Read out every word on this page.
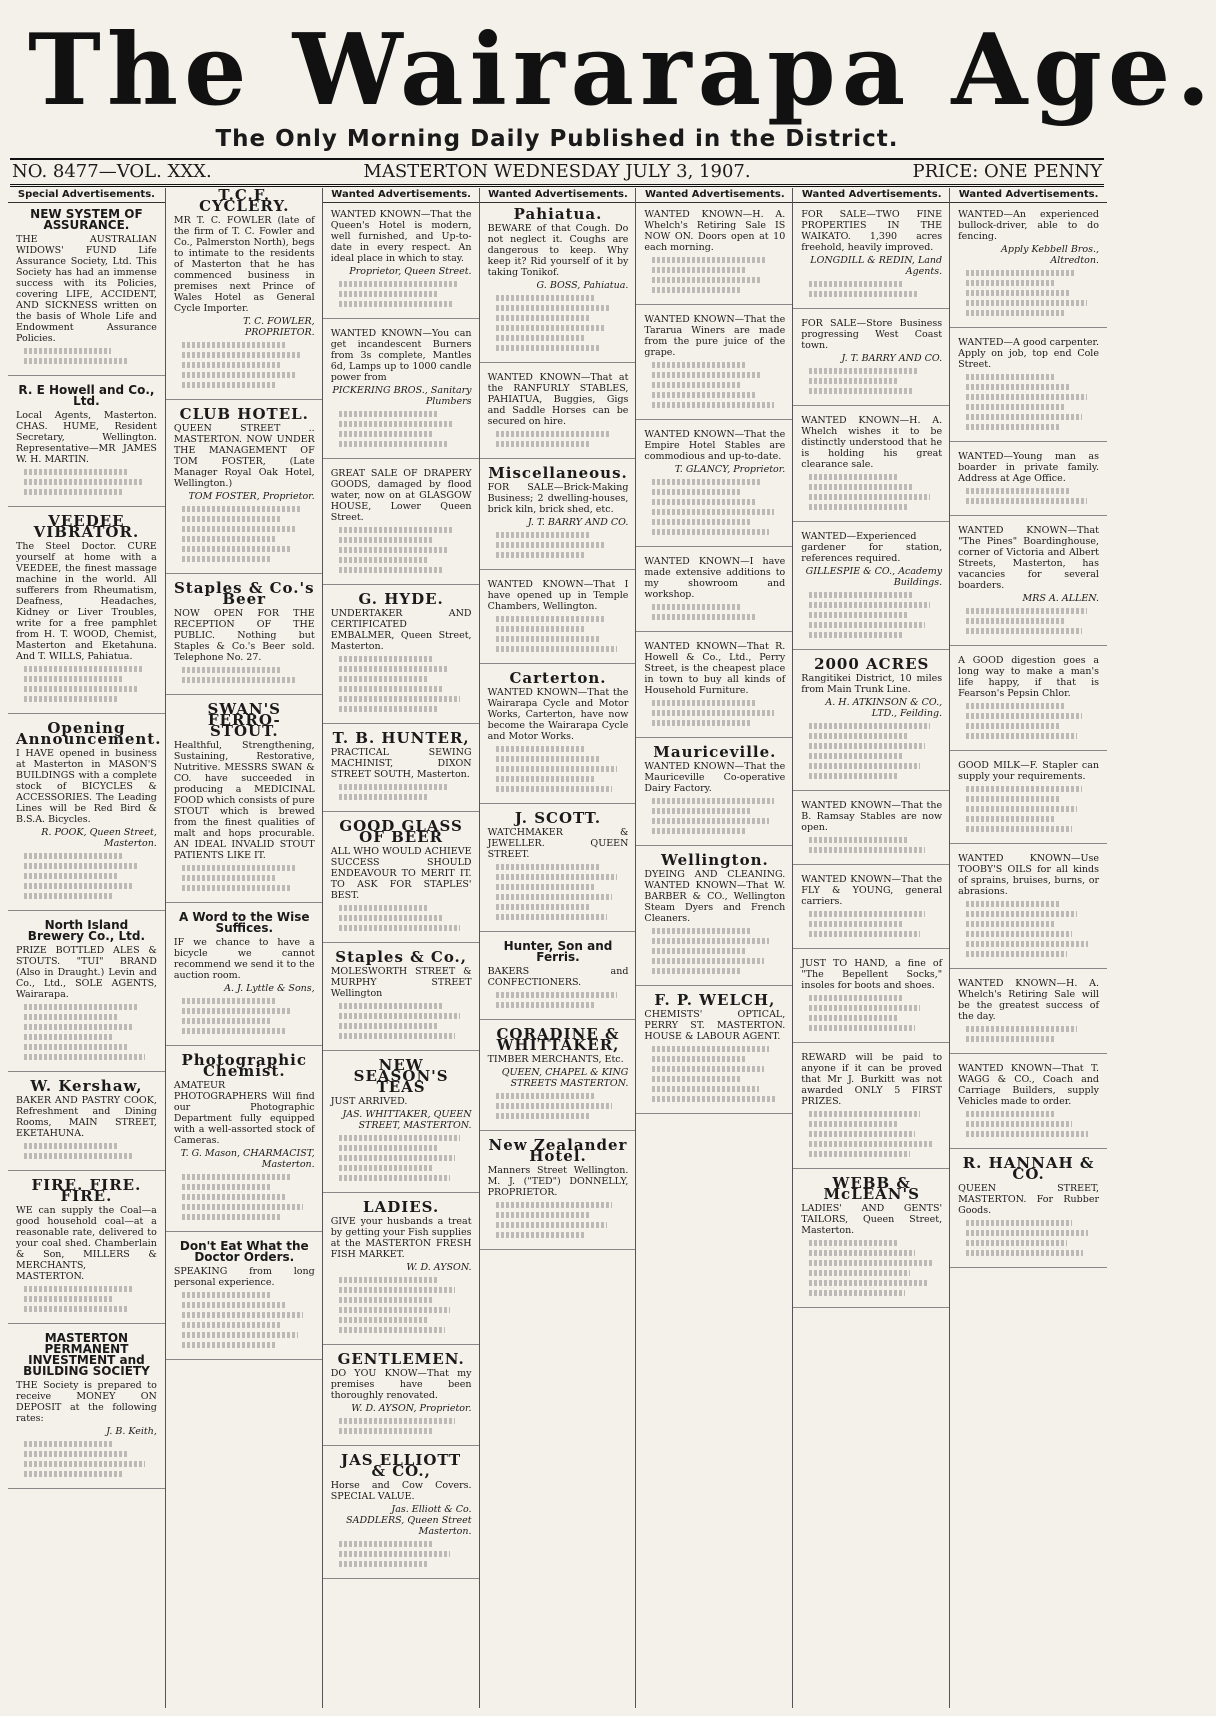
The Wairarapa Age.
The Only Morning Daily Published in the District.
MASTERTON WEDNESDAY JULY 3, 1907.
NO. 8477—VOL. XXX.	PRICE: ONE PENNY
Special Advertisements.
NEW SYSTEM OF ASSURANCE.

THE AUSTRALIAN WIDOWS' FUND Life Assurance Society, Ltd. This Society has had an immense success with its Policies, covering LIFE, ACCIDENT, AND SICKNESS written on the basis of Whole Life and Endowment Assurance Policies.

R. E Howell and Co., Ltd.

Local Agents, Masterton. CHAS. HUME, Resident Secretary, Wellington. Representative—MR JAMES W. H. MARTIN.

VEEDEE VIBRATOR.

The Steel Doctor. CURE yourself at home with a VEEDEE, the finest massage machine in the world. All sufferers from Rheumatism, Deafness, Headaches, Kidney or Liver Troubles, write for a free pamphlet from H. T. WOOD, Chemist, Masterton and Eketahuna. And T. WILLS, Pahiatua.

Opening Announcement.

I HAVE opened in business at Masterton in MASON'S BUILDINGS with a complete stock of BICYCLES & ACCESSORIES. The Leading Lines will be Red Bird & B.S.A. Bicycles.

R. POOK, Queen Street, Masterton.

North Island Brewery Co., Ltd.

PRIZE BOTTLED ALES & STOUTS. "TUI" BRAND (Also in Draught.) Levin and Co., Ltd., SOLE AGENTS, Wairarapa.

W. Kershaw,

BAKER AND PASTRY COOK, Refreshment and Dining Rooms, MAIN STREET, EKETAHUNA.

FIRE. FIRE. FIRE.

WE can supply the Coal—a good household coal—at a reasonable rate, delivered to your coal shed. Chamberlain & Son, MILLERS & MERCHANTS, MASTERTON.

MASTERTON PERMANENT INVESTMENT and BUILDING SOCIETY

THE Society is prepared to receive MONEY ON DEPOSIT at the following rates:

J. B. Keith,

T.C.F. CYCLERY.

MR T. C. FOWLER (late of the firm of T. C. Fowler and Co., Palmerston North), begs to intimate to the residents of Masterton that he has commenced business in premises next Prince of Wales Hotel as General Cycle Importer.

T. C. FOWLER, PROPRIETOR.

CLUB HOTEL.

QUEEN STREET .. MASTERTON. NOW UNDER THE MANAGEMENT OF TOM FOSTER, (Late Manager Royal Oak Hotel, Wellington.)

TOM FOSTER, Proprietor.

Staples & Co.'s Beer

NOW OPEN FOR THE RECEPTION OF THE PUBLIC. Nothing but Staples & Co.'s Beer sold. Telephone No. 27.

SWAN'S FERRO-STOUT.

Healthful, Strengthening, Sustaining, Restorative, Nutritive. MESSRS SWAN & CO. have succeeded in producing a MEDICINAL FOOD which consists of pure STOUT which is brewed from the finest qualities of malt and hops procurable. AN IDEAL INVALID STOUT PATIENTS LIKE IT.

A Word to the Wise Suffices.

IF we chance to have a bicycle we cannot recommend we send it to the auction room.

A. J. Lyttle & Sons,

Photographic Chemist.

AMATEUR PHOTOGRAPHERS Will find our Photographic Department fully equipped with a well-assorted stock of Cameras.

T. G. Mason, CHARMACIST, Masterton.

Don't Eat What the Doctor Orders.

SPEAKING from long personal experience.

Wanted Advertisements.

WANTED KNOWN—That the Queen's Hotel is modern, well furnished, and Up-to-date in every respect. An ideal place in which to stay.

Proprietor, Queen Street.

WANTED KNOWN—You can get incandescent Burners from 3s complete, Mantles 6d, Lamps up to 1000 candle power from

PICKERING BROS., Sanitary Plumbers

GREAT SALE OF DRAPERY GOODS, damaged by flood water, now on at GLASGOW HOUSE, Lower Queen Street.

G. HYDE.

UNDERTAKER AND CERTIFICATED EMBALMER, Queen Street, Masterton.

T. B. HUNTER,

PRACTICAL SEWING MACHINIST, DIXON STREET SOUTH, Masterton.

GOOD GLASS OF BEER

ALL WHO WOULD ACHIEVE SUCCESS SHOULD ENDEAVOUR TO MERIT IT. TO ASK FOR STAPLES' BEST.

Staples & Co.,

MOLESWORTH STREET & MURPHY STREET Wellington

NEW SEASON'S TEAS

JUST ARRIVED.

JAS. WHITTAKER, QUEEN STREET, MASTERTON.

LADIES.

GIVE your husbands a treat by getting your Fish supplies at the MASTERTON FRESH FISH MARKET.

W. D. AYSON.

GENTLEMEN.

DO YOU KNOW—That my premises have been thoroughly renovated.

W. D. AYSON, Proprietor.

JAS ELLIOTT & CO.,

Horse and Cow Covers. SPECIAL VALUE.

Jas. Elliott & Co. SADDLERS, Queen Street Masterton.

Wanted Advertisements.
Pahiatua.

BEWARE of that Cough. Do not neglect it. Coughs are dangerous to keep. Why keep it? Rid yourself of it by taking Tonikof.

G. BOSS, Pahiatua.

WANTED KNOWN—That at the RANFURLY STABLES, PAHIATUA, Buggies, Gigs and Saddle Horses can be secured on hire.

Miscellaneous.

FOR SALE—Brick-Making Business; 2 dwelling-houses, brick kiln, brick shed, etc.

J. T. BARRY AND CO.

WANTED KNOWN—That I have opened up in Temple Chambers, Wellington.

Carterton.

WANTED KNOWN—That the Wairarapa Cycle and Motor Works, Carterton, have now become the Wairarapa Cycle and Motor Works.

J. SCOTT.

WATCHMAKER & JEWELLER. QUEEN STREET.

Hunter, Son and Ferris.

BAKERS and CONFECTIONERS.

CORADINE & WHITTAKER,

TIMBER MERCHANTS, Etc.

QUEEN, CHAPEL & KING STREETS MASTERTON.

New Zealander Hotel.

Manners Street Wellington. M. J. ("TED") DONNELLY, PROPRIETOR.

Wanted Advertisements.

WANTED KNOWN—H. A. Whelch's Retiring Sale IS NOW ON. Doors open at 10 each morning.

WANTED KNOWN—That the Tararua Winers are made from the pure juice of the grape.

WANTED KNOWN—That the Empire Hotel Stables are commodious and up-to-date.

T. GLANCY, Proprietor.

WANTED KNOWN—I have made extensive additions to my showroom and workshop.

WANTED KNOWN—That R. Howell & Co., Ltd., Perry Street, is the cheapest place in town to buy all kinds of Household Furniture.

Mauriceville.

WANTED KNOWN—That the Mauriceville Co-operative Dairy Factory.

Wellington.

DYEING AND CLEANING. WANTED KNOWN—That W. BARBER & CO., Wellington Steam Dyers and French Cleaners.

F. P. WELCH,

CHEMISTS' OPTICAL, PERRY ST. MASTERTON. HOUSE & LABOUR AGENT.

Wanted Advertisements.

FOR SALE—TWO FINE PROPERTIES IN THE WAIKATO. 1,390 acres freehold, heavily improved.

LONGDILL & REDIN, Land Agents.

FOR SALE—Store Business progressing West Coast town.

J. T. BARRY AND CO.

WANTED KNOWN—H. A. Whelch wishes it to be distinctly understood that he is holding his great clearance sale.

WANTED—Experienced gardener for station, references required.

GILLESPIE & CO., Academy Buildings.

2000 ACRES

Rangitikei District, 10 miles from Main Trunk Line.

A. H. ATKINSON & CO., LTD., Feilding.

WANTED KNOWN—That the B. Ramsay Stables are now open.

WANTED KNOWN—That the FLY & YOUNG, general carriers.

JUST TO HAND, a fine of "The Bepellent Socks," insoles for boots and shoes.

REWARD will be paid to anyone if it can be proved that Mr J. Burkitt was not awarded ONLY 5 FIRST PRIZES.

WEBB & McLEAN'S

LADIES' AND GENTS' TAILORS, Queen Street, Masterton.

Wanted Advertisements.

WANTED—An experienced bullock-driver, able to do fencing.

Apply Kebbell Bros., Altredton.

WANTED—A good carpenter. Apply on job, top end Cole Street.

WANTED—Young man as boarder in private family. Address at Age Office.

WANTED KNOWN—That "The Pines" Boardinghouse, corner of Victoria and Albert Streets, Masterton, has vacancies for several boarders.

MRS A. ALLEN.

A GOOD digestion goes a long way to make a man's life happy, if that is Fearson's Pepsin Chlor.

GOOD MILK—F. Stapler can supply your requirements.

WANTED KNOWN—Use TOOBY'S OILS for all kinds of sprains, bruises, burns, or abrasions.

WANTED KNOWN—H. A. Whelch's Retiring Sale will be the greatest success of the day.

WANTED KNOWN—That T. WAGG & CO., Coach and Carriage Builders, supply Vehicles made to order.

R. HANNAH & CO.

QUEEN STREET, MASTERTON. For Rubber Goods.
